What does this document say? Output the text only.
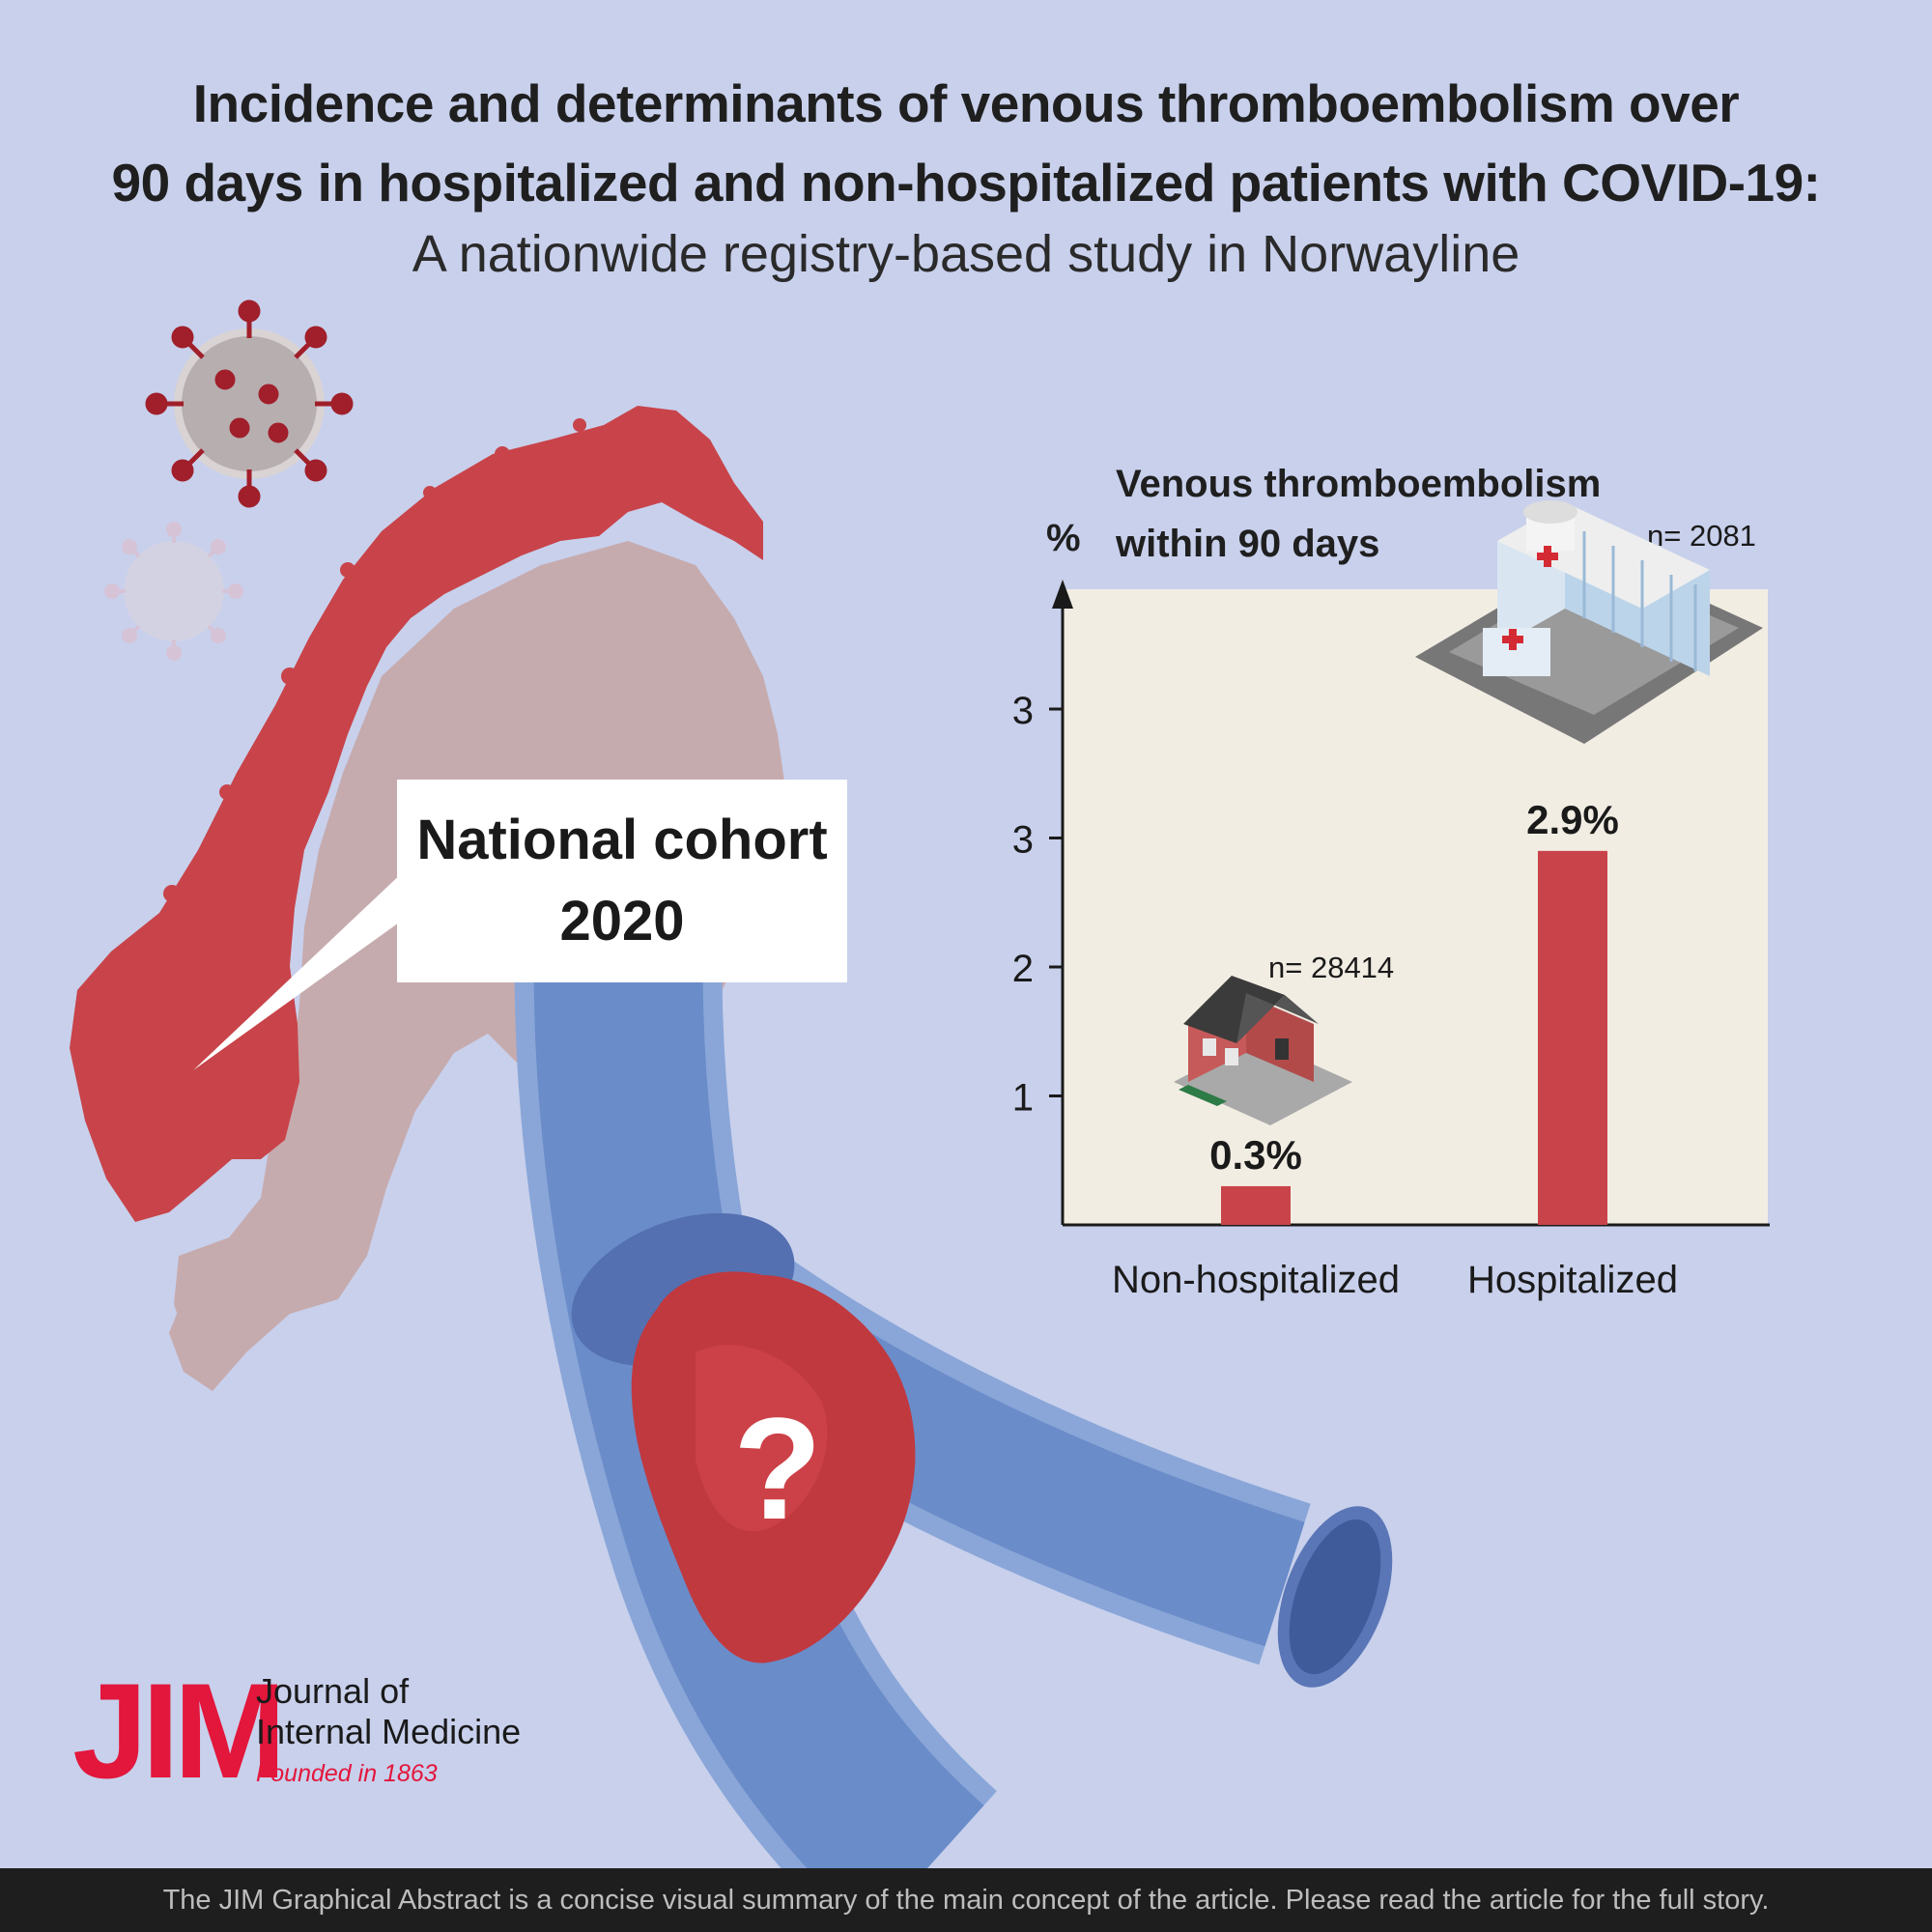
Incidence and determinants of venous thromboembolism over
90 days in hospitalized and non-hospitalized patients with COVID-19:
A nationwide registry-based study in Norwayline
?
1
2
3
3
0.3%
Non-hospitalized
2.9%
Hospitalized
n= 28414
n= 2081
National cohort
2020
Venous thromboembolism
within 90 days
%
JIM
Journal of
Internal Medicine
Founded in 1863
The JIM Graphical Abstract is a concise visual summary of the main concept of the article. Please read the article for the full story.
